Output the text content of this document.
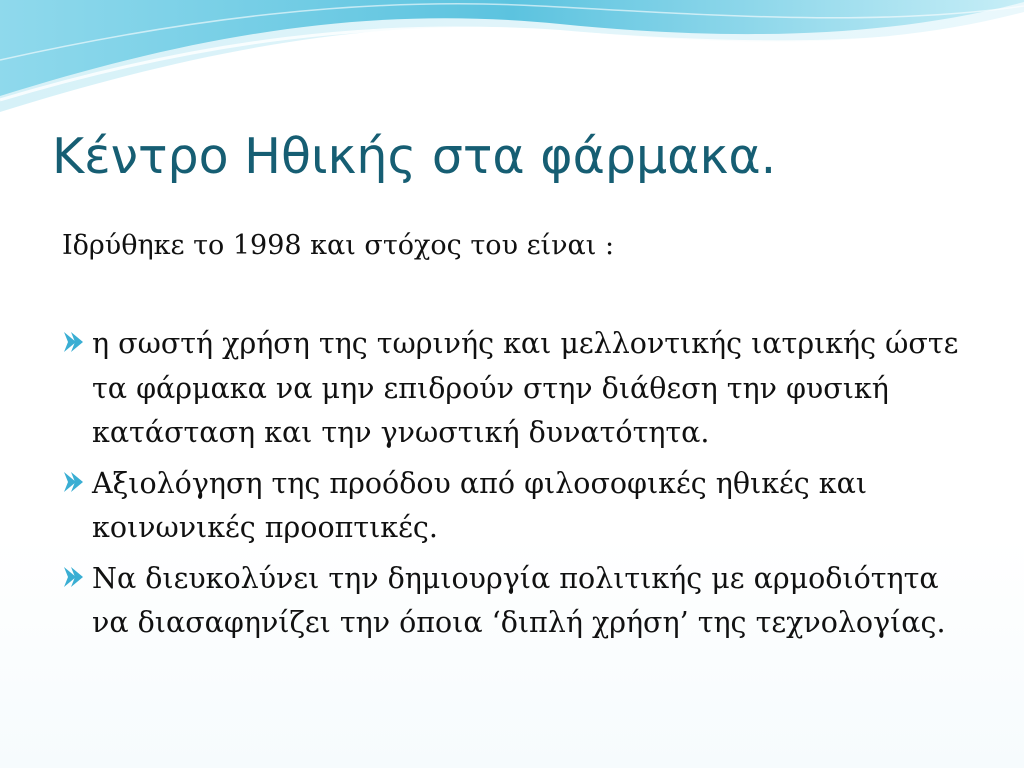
Κέντρο Ηθικής στα φάρμακα.

Ιδρύθηκε το 1998 και στόχος του είναι :

η σωστή χρήση της τωρινής και μελλοντικής ιατρικής ώστε τα φάρμακα να μην επιδρούν στην διάθεση την φυσική κατάσταση και την γνωστική δυνατότητα.
Αξιολόγηση της προόδου από φιλοσοφικές ηθικές και κοινωνικές προοπτικές.
Να διευκολύνει την δημιουργία πολιτικής με αρμοδιότητα να διασαφηνίζει την όποια ‘διπλή χρήση’ της τεχνολογίας.
